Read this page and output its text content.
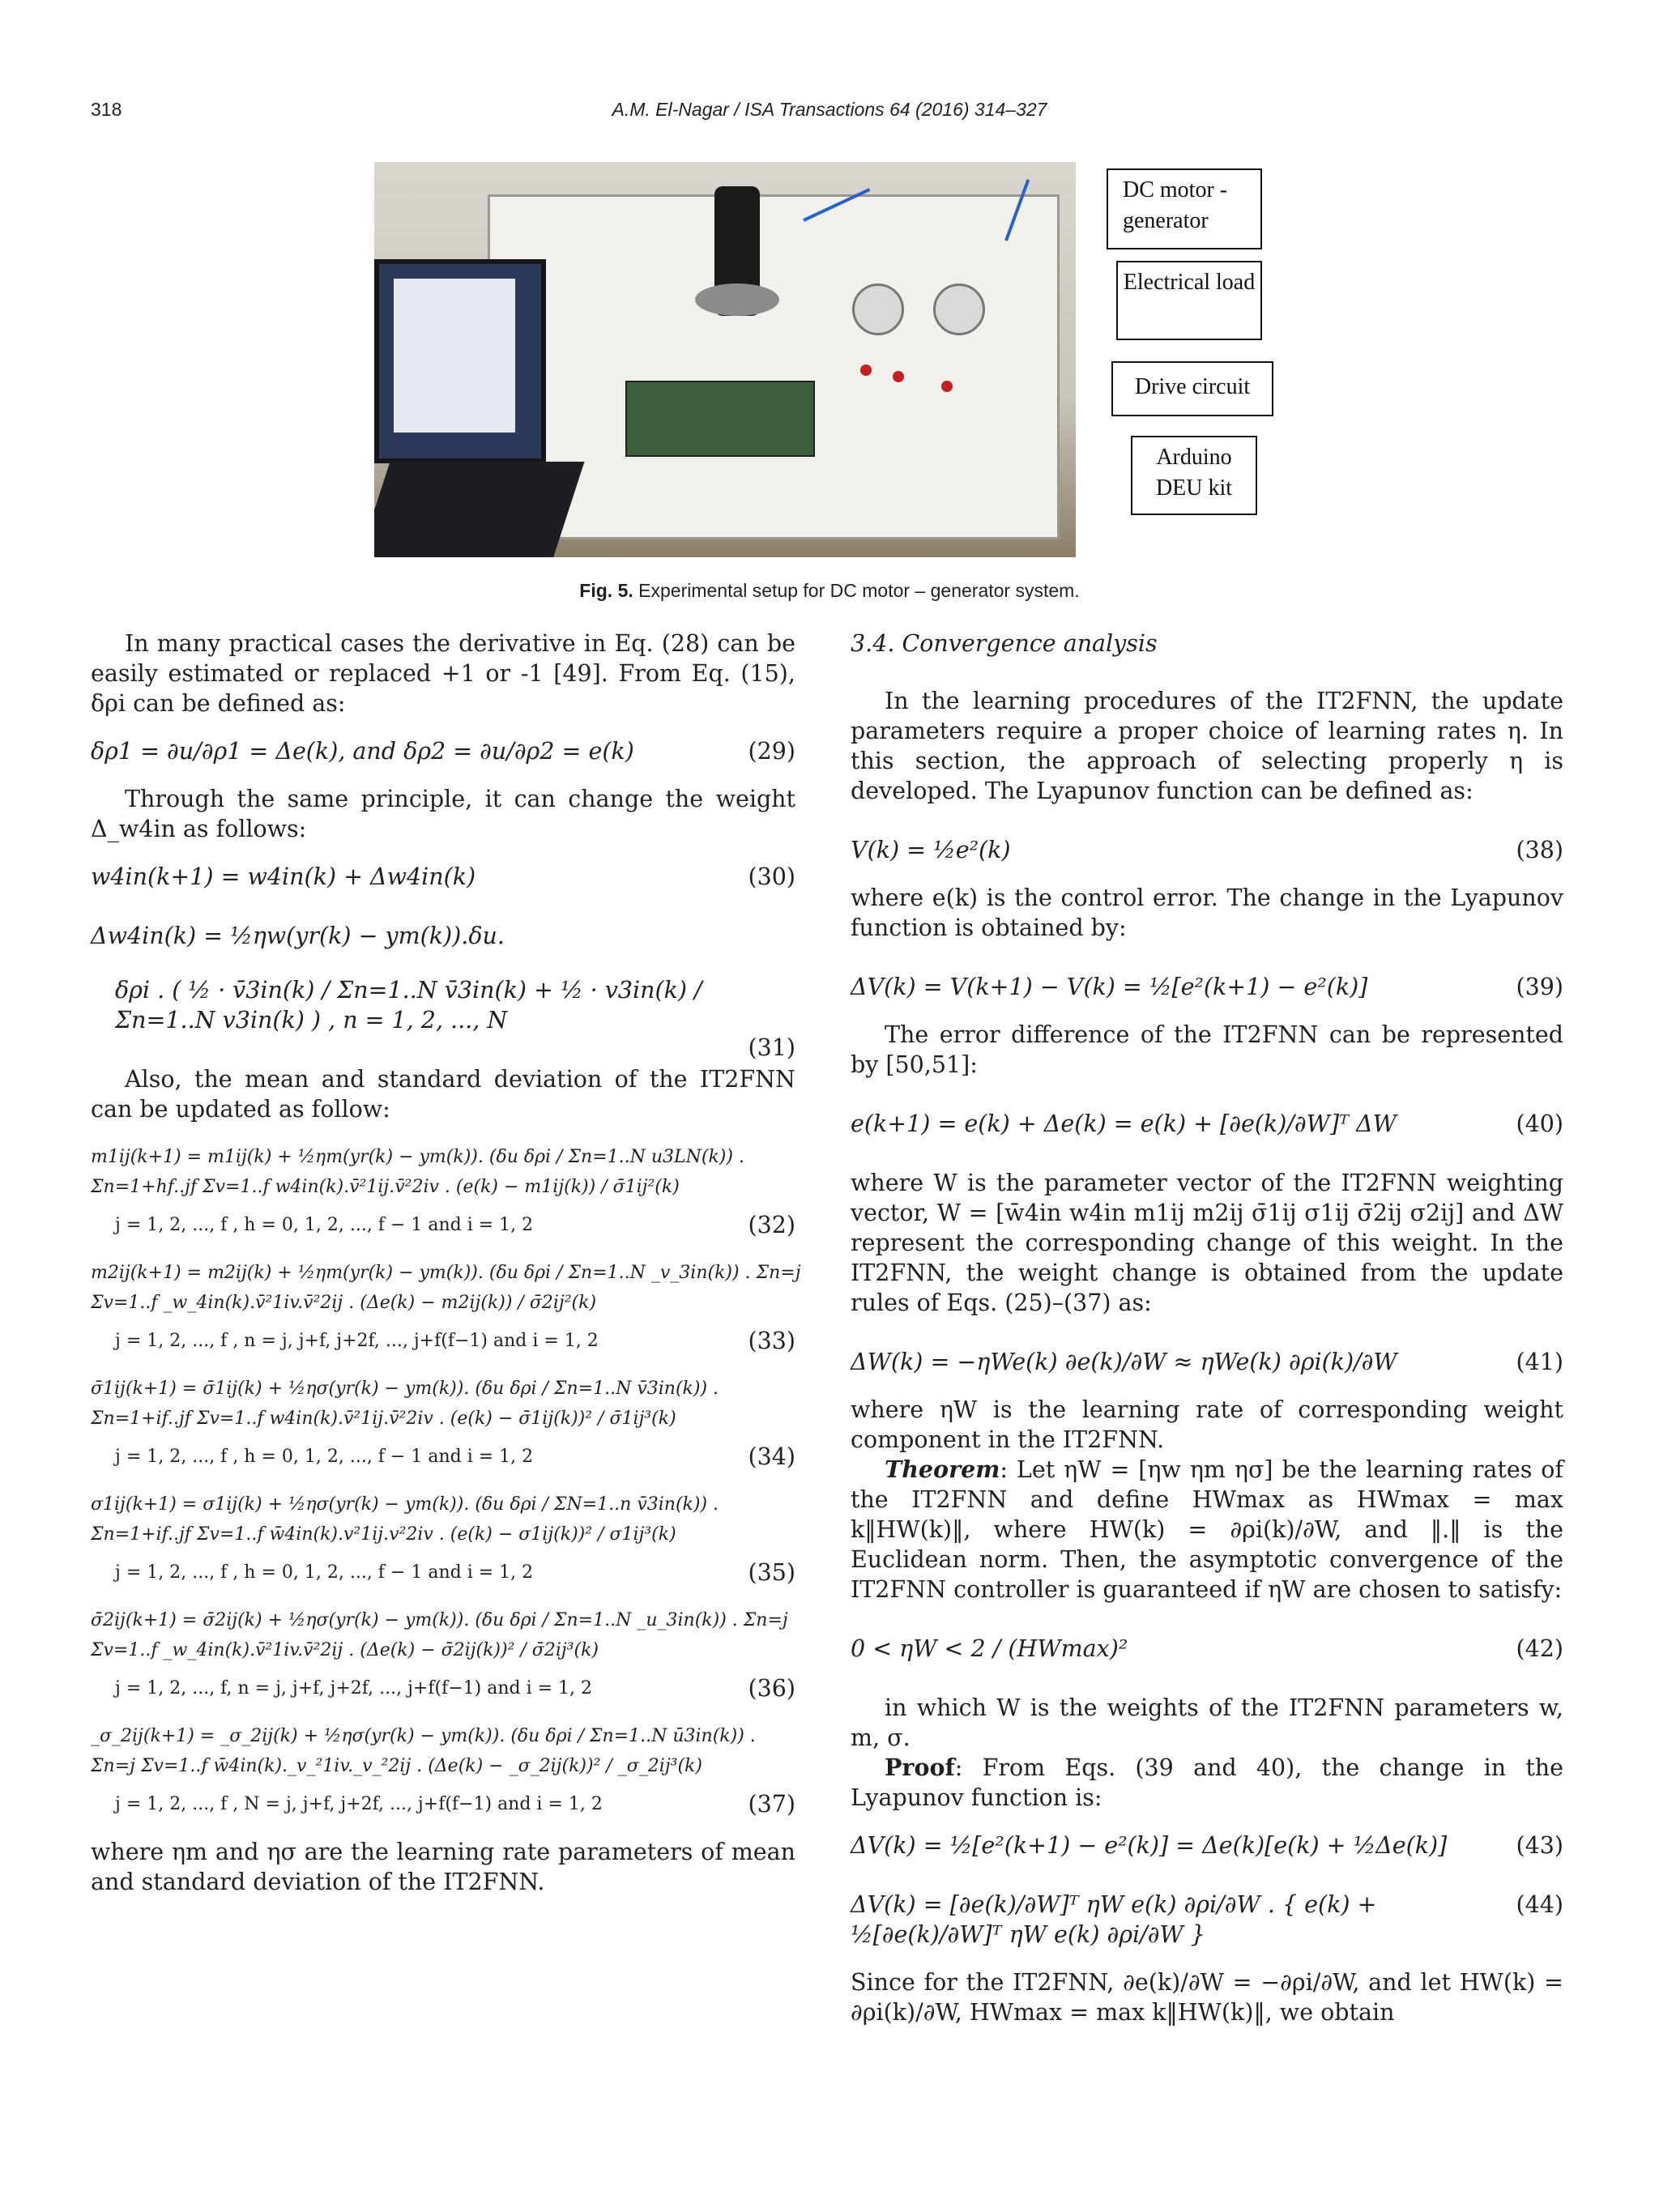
318	A.M. El-Nagar / ISA Transactions 64 (2016) 314–327
DC motor - generator
Electrical load
Drive circuit
Arduino DEU kit
Fig. 5. Experimental setup for DC motor – generator system.

In many practical cases the derivative in Eq. (28) can be easily estimated or replaced +1 or -1 [49]. From Eq. (15), δρi can be defined as:

δρ1 = ∂u/∂ρ1 = Δe(k), and δρ2 = ∂u/∂ρ2 = e(k)	(29)

Through the same principle, it can change the weight Δ_w4in as follows:

w4in(k+1) = w4in(k) + Δw4in(k)	(30)
Δw4in(k) = ½ηw(yr(k) − ym(k)).δu.
δρi . ( ½ · v̄3in(k) / Σn=1..N v̄3in(k) + ½ · v3in(k) / Σn=1..N v3in(k) ) , n = 1, 2, ..., N
(31)

Also, the mean and standard deviation of the IT2FNN can be updated as follow:

m1ij(k+1) = m1ij(k) + ½ηm(yr(k) − ym(k)). (δu δρi / Σn=1..N u3LN(k)) . Σn=1+hf..jf Σv=1..f w4in(k).v̄²1ij.v̄²2iv . (e(k) − m1ij(k)) / σ̄1ij²(k)
j = 1, 2, ..., f , h = 0, 1, 2, ..., f − 1 and i = 1, 2	(32)
m2ij(k+1) = m2ij(k) + ½ηm(yr(k) − ym(k)). (δu δρi / Σn=1..N _v_3in(k)) . Σn=j Σv=1..f _w_4in(k).v̄²1iv.v̄²2ij . (Δe(k) − m2ij(k)) / σ̄2ij²(k)
j = 1, 2, ..., f , n = j, j+f, j+2f, ..., j+f(f−1) and i = 1, 2	(33)
σ̄1ij(k+1) = σ̄1ij(k) + ½ησ(yr(k) − ym(k)). (δu δρi / Σn=1..N v̄3in(k)) . Σn=1+if..jf Σv=1..f w4in(k).v̄²1ij.v̄²2iv . (e(k) − σ̄1ij(k))² / σ̄1ij³(k)
j = 1, 2, ..., f , h = 0, 1, 2, ..., f − 1 and i = 1, 2	(34)
σ1ij(k+1) = σ1ij(k) + ½ησ(yr(k) − ym(k)). (δu δρi / ΣN=1..n v̄3in(k)) . Σn=1+if..jf Σv=1..f w̄4in(k).v²1ij.v²2iv . (e(k) − σ1ij(k))² / σ1ij³(k)
j = 1, 2, ..., f , h = 0, 1, 2, ..., f − 1 and i = 1, 2	(35)
σ̄2ij(k+1) = σ̄2ij(k) + ½ησ(yr(k) − ym(k)). (δu δρi / Σn=1..N _u_3in(k)) . Σn=j Σv=1..f _w_4in(k).v̄²1iv.v̄²2ij . (Δe(k) − σ̄2ij(k))² / σ̄2ij³(k)
j = 1, 2, ..., f, n = j, j+f, j+2f, ..., j+f(f−1) and i = 1, 2	(36)
_σ_2ij(k+1) = _σ_2ij(k) + ½ησ(yr(k) − ym(k)). (δu δρi / Σn=1..N ū3in(k)) . Σn=j Σv=1..f w̄4in(k)._v_²1iv._v_²2ij . (Δe(k) − _σ_2ij(k))² / _σ_2ij³(k)
j = 1, 2, ..., f , N = j, j+f, j+2f, ..., j+f(f−1) and i = 1, 2	(37)

where ηm and ησ are the learning rate parameters of mean and standard deviation of the IT2FNN.

3.4. Convergence analysis

In the learning procedures of the IT2FNN, the update parameters require a proper choice of learning rates η. In this section, the approach of selecting properly η is developed. The Lyapunov function can be defined as:

V(k) = ½e²(k)	(38)

where e(k) is the control error. The change in the Lyapunov function is obtained by:

ΔV(k) = V(k+1) − V(k) = ½[e²(k+1) − e²(k)]	(39)

The error difference of the IT2FNN can be represented by [50,51]:

e(k+1) = e(k) + Δe(k) = e(k) + [∂e(k)/∂W]ᵀ ΔW	(40)

where W is the parameter vector of the IT2FNN weighting vector, W = [w̄4in w4in m1ij m2ij σ̄1ij σ1ij σ̄2ij σ2ij] and ΔW represent the corresponding change of this weight. In the IT2FNN, the weight change is obtained from the update rules of Eqs. (25)–(37) as:

ΔW(k) = −ηWe(k) ∂e(k)/∂W ≈ ηWe(k) ∂ρi(k)/∂W	(41)

where ηW is the learning rate of corresponding weight component in the IT2FNN.

Theorem: Let ηW = [ηw ηm ησ] be the learning rates of the IT2FNN and define HWmax as HWmax = max k‖HW(k)‖, where HW(k) = ∂ρi(k)/∂W, and ‖.‖ is the Euclidean norm. Then, the asymptotic convergence of the IT2FNN controller is guaranteed if ηW are chosen to satisfy:

0 < ηW < 2 / (HWmax)²	(42)

in which W is the weights of the IT2FNN parameters w, m, σ.

Proof: From Eqs. (39 and 40), the change in the Lyapunov function is:

ΔV(k) = ½[e²(k+1) − e²(k)] = Δe(k)[e(k) + ½Δe(k)]	(43)
ΔV(k) = [∂e(k)/∂W]ᵀ ηW e(k) ∂ρi/∂W . { e(k) + ½[∂e(k)/∂W]ᵀ ηW e(k) ∂ρi/∂W }
(44)

Since for the IT2FNN, ∂e(k)/∂W = −∂ρi/∂W, and let HW(k) = ∂ρi(k)/∂W, HWmax = max k‖HW(k)‖, we obtain
